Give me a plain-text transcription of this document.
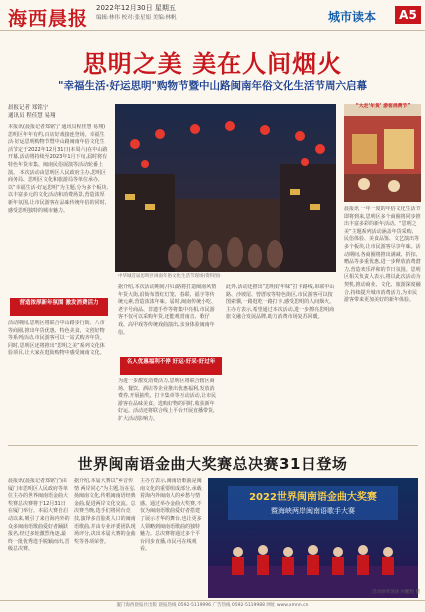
海西晨报 2022年12月30日 星期五
编辑:林伟 校对:张星娟 美编:林帆	城市读本	A5
思明之美 美在人间烟火
"幸福生活·好运思明"购物节暨中山路闽南年俗文化生活节周六启幕
晨报记者 郑铭宁
通讯员 程佳慧 易翔
本报讯(晨报记者郑铭宁 通讯员程佳慧 易翔)思明区年年有约,百店好戏接连登场。幸福生活·好运思明购物节暨中山路闽南年俗文化生活节定于2022年12月31日(本周六)在中山路开幕,活动将持续至2023年1月下旬,届时将有特色年货市集、闽南民俗展演等活动轮番上演。 本次活动由思明区人民政府主办,思明区商务局、思明区文化和旅游局等单位承办,以“幸福生活·好运思明”为主题,分为多个板块,以丰富多元的文化活动和消费场景,营造浓厚新年氛围,让市民游客在品味传统年俗的同时,感受思明独特的城市魅力。
营造浓厚新年氛围 激发消费活力
活动期间,思明区将联合中山路步行街、八市等商圈,推出年货优惠、特色美食、文创好物等系列活动,市民游客可以一站式购齐年货。同时,思明区还将推出“思明之美”系列文化体验项目,让大家在逛街购物中感受闽南文化。
中华城首届思明区闽南年俗文化生活节现场(资料图)
据介绍,本次活动期间,中山路将打造闽南风情年货大街,沿街布置红灯笼、春联、福字等传统元素,营造浓浓年味。届时,闽南传统小吃、老字号商品、非遗手作等将集中亮相,市民游客不仅可以采购年货,还能观赏南音、歌仔戏、高甲戏等传统戏曲演出,亲身体验闽南年俗。
名人优惠福利不停 好运·好采·好过年
为进一步激发消费活力,思明区将联合辖区商场、餐饮、酒店等企业推出优惠福利,发放消费券,开展抽奖、打卡集章等互动活动,让市民游客在品味美食、选购好物的同时,收获新年好运。活动还将联合线上平台开展直播带货,扩大活动影响力。
此外,活动还推出“思明好年味”打卡路线,串联中山路、沙坡尾、曾厝垵等特色街区,市民游客可以按图索骥,一路逛吃一路打卡,感受思明的人间烟火。主办方表示,希望通过本次活动,进一步擦亮思明商旅文融合发展品牌,助力消费市场复苏回暖。
“大走‘年货’ 游客消费节”
晨报讯 一年一度的年俗文化生活节即将到来,思明区多个商圈将同步推出丰富多彩的新年活动。“思明之美”主题系列活动涵盖年货采购、民俗体验、美食品鉴、文艺演出等多个板块,让市民游客尽享年味。活动期间,各商圈将推出满减、折扣、赠品等多重优惠,进一步释放消费潜力,营造欢乐祥和的节日氛围。思明区相关负责人表示,将以此次活动为契机,推动商业、文化、旅游深度融合,持续提升城市消费活力,为市民游客带来更加美好的新年体验。
世界闽南语金曲大奖赛总决赛31日登场
晨报讯(晨报记者郑铭宁)由厦门市思明区人民政府等单位主办的世界闽南语金曲大奖赛总决赛将于12月31日在厦门举行。本届大赛自启动以来,吸引了来自海内外的众多闽南语歌曲爱好者踊跃报名,经过多轮激烈角逐,最终一批优秀选手脱颖而出,晋级总决赛。
据介绍,本届大赛以“乡音传情 两岸同心”为主题,旨在弘扬闽南文化,传唱闽南语经典金曲,促进两岸文化交流。总决赛当晚,选手们将同台竞技,演绎多首脍炙人口的闽南语歌曲,并由专业评委团队现场评分,决出本届大赛的金曲奖等各项荣誉。
主办方表示,闽南语歌曲是闽南文化的重要组成部分,承载着海内外闽南人的乡愁与情感。通过举办金曲大奖赛,不仅为闽南语歌曲爱好者搭建了展示才华的舞台,也让更多人领略到闽南语歌曲的独特魅力。总决赛将通过多个平台同步直播,市民可在线观看。
2022世界闽南语金曲大奖赛
暨海峡两岸闽南语歌手大赛
活动颁奖现场 何鹏程 摄
厦门海西晨报社出版 晨报热线 0592-5119996 广告热线 0592-5119988 网址 www.xmnn.cn
